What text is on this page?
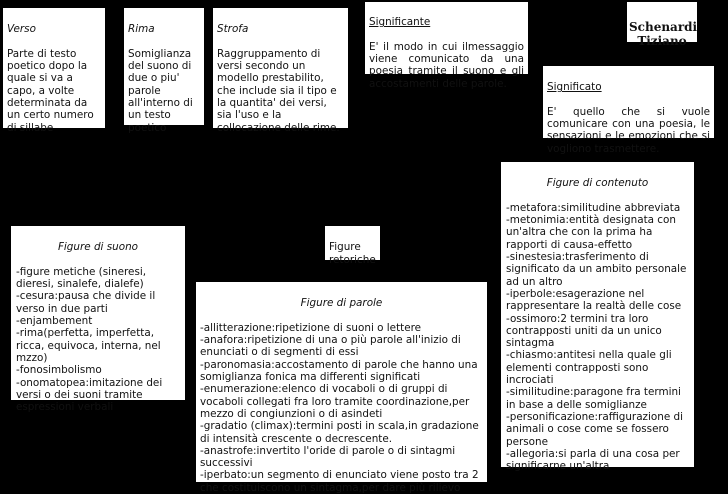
Schenardi
Tiziano

Verso

Parte di testo poetico dopo la quale si va a capo, a volte determinata da un certo numero di sillabe

Rima

Somiglianza del suono di due o piu' parole all'interno di un testo poetico

Strofa

Raggruppamento di versi secondo un modello prestabilito, che include sia il tipo e la quantita' dei versi, sia l'uso e la collocazione delle rime.

Significante

E' il modo in cui ilmessaggio viene comunicato da una poesia tramite il suono e gli accostamenti delle parole.	Significato

E' quello che si vuole comunicare con una poesia, le sensazioni e le emozioni che si vogliono trasmettere.

Figure
retoriche

Figure di suono

-figure metiche (sineresi, dieresi, sinalefe, dialefe)
-cesura:pausa che divide il verso in due parti
-enjambement
-rima(perfetta, imperfetta, ricca, equivoca, interna, nel mzzo)
-fonosimbolismo
-onomatopea:imitazione dei versi o dei suoni tramite espressioni verbali

Figure di parole

-allitterazione:ripetizione di suoni o lettere
-anafora:ripetizione di una o più parole all'inizio di enunciati o di segmenti di essi
-paronomasia:accostamento di parole che hanno una somiglianza fonica ma differenti significati
-enumerazione:elenco di vocaboli o di gruppi di vocaboli collegati fra loro tramite coordinazione,per mezzo di congiunzioni o di asindeti
-gradatio (climax):termini posti in scala,in gradazione di intensità crescente o decrescente.
-anastrofe:invertito l'oride di parole o di sintagmi successivi
-iperbato:un segmento di enunciato viene posto tra 2 che costituiscono un sintagma,per dare più rilievo

Figure di contenuto

-metafora:similitudine abbreviata
-metonimia:entità designata con un'altra che con la prima ha rapporti di causa-effetto
-sinestesia:trasferimento di significato da un ambito personale ad un altro
-iperbole:esagerazione nel rappresentare la realtà delle cose
-ossimoro:2 termini tra loro contrapposti uniti da un unico sintagma
-chiasmo:antitesi nella quale gli elementi contrapposti sono incrociati
-similitudine:paragone fra termini in base a delle somiglianze
-personificazione:raffigurazione di animali o cose come se fossero persone
-allegoria:si parla di una cosa per significarne un'altra
